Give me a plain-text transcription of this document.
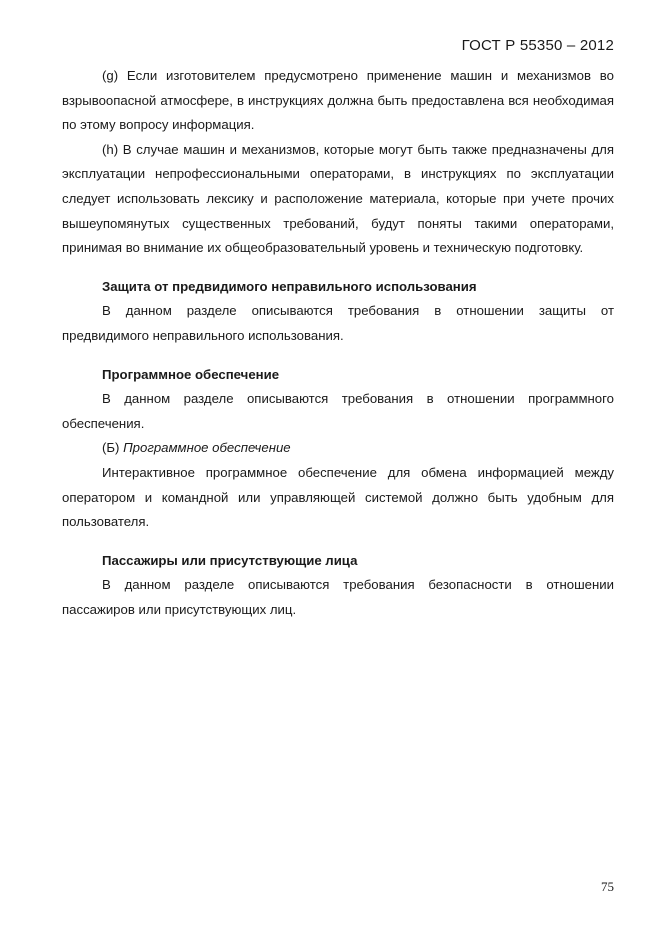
ГОСТ Р 55350 – 2012

(g) Если изготовителем предусмотрено применение машин и механизмов во взрывоопасной атмосфере, в инструкциях должна быть предоставлена вся необходимая по этому вопросу информация.

(h) В случае машин и механизмов, которые могут быть также предназначены для эксплуатации непрофессиональными операторами, в инструкциях по эксплуатации следует использовать лексику и расположение материала, которые при учете прочих вышеупомянутых существенных требований, будут поняты такими операторами, принимая во внимание их общеобразовательный уровень и техническую подготовку.

Защита от предвидимого неправильного использования

В данном разделе описываются требования в отношении защиты от предвидимого неправильного использования.

Программное обеспечение

В данном разделе описываются требования в отношении программного обеспечения.

(Б) Программное обеспечение

Интерактивное программное обеспечение для обмена информацией между оператором и командной или управляющей системой должно быть удобным для пользователя.

Пассажиры или присутствующие лица

В данном разделе описываются требования безопасности в отношении пассажиров или присутствующих лиц.

75
